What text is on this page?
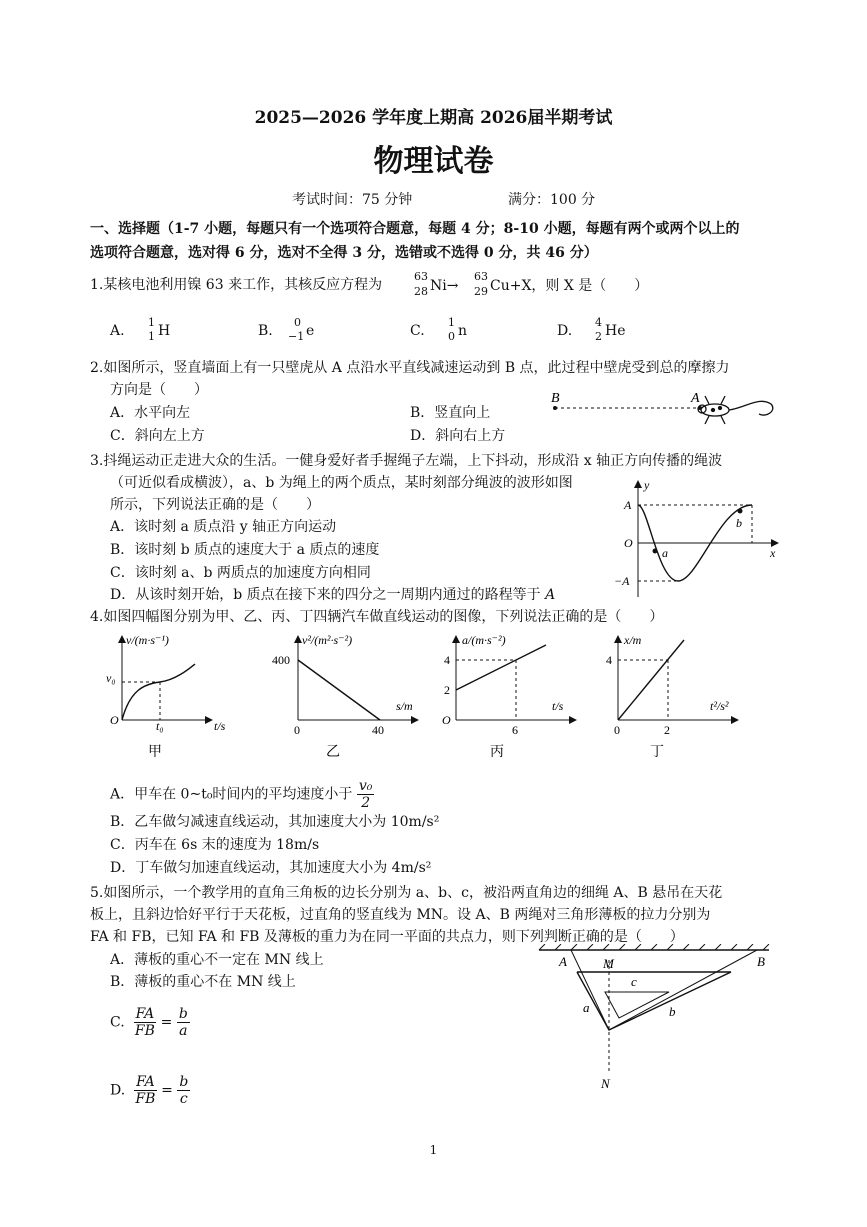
2025—2026 学年度上期高 2026届半期考试
物理试卷
考试时间：75 分钟	满分：100 分
一、选择题（1-7 小题，每题只有一个选项符合题意，每题 4 分；8-10 小题，每题有两个或两个以上的
选项符合题意，选对得 6 分，选对不全得 3 分，选错或不选得 0 分，共 46 分）
1.某核电池利用镍 63 来工作，其核反应方程为
63
28 Ni→
63
29 Cu+X，则 X 是（　　）
A.
1
1 H	B.
0
−1 e	C.
1
0 n	D.
4
2 He
2.如图所示，竖直墙面上有一只壁虎从 A 点沿水平直线减速运动到 B 点，此过程中壁虎受到总的摩擦力
方向是（　　）
A．水平向左	B．竖直向上
C．斜向左上方	D．斜向右上方
B	A
3.抖绳运动正走进大众的生活。一健身爱好者手握绳子左端，上下抖动，形成沿 x 轴正方向传播的绳波
（可近似看成横波），a、b 为绳上的两个质点，某时刻部分绳波的波形如图
所示，下列说法正确的是（　　）
A．该时刻 a 质点沿 y 轴正方向运动
B．该时刻 b 质点的速度大于 a 质点的速度
C．该时刻 a、b 两质点的加速度方向相同
D．从该时刻开始，b 质点在接下来的四分之一周期内通过的路程等于 A
y
x
A
O
−A
a
b
4.如图四幅图分别为甲、乙、丙、丁四辆汽车做直线运动的图像，下列说法正确的是（　　）
v/(m·s⁻¹)
t/s
O
v₀
t₀
甲
v²/(m²·s⁻²)
s/m
0
400
40
乙
a/(m·s⁻²)
t/s
O
4
2
6
丙
x/m
t²/s²
0
4
2
丁
A．甲车在 0~t₀时间内的平均速度小于 $\frac{\text{v₀}}{2}$
B．乙车做匀减速直线运动，其加速度大小为 10m/s²
C．丙车在 6s 末的速度为 18m/s
D．丁车做匀加速直线运动，其加速度大小为 4m/s²
5.如图所示，一个教学用的直角三角板的边长分别为 a、b、c，被沿两直角边的细绳 A、B 悬吊在天花
板上，且斜边恰好平行于天花板，过直角的竖直线为 MN。设 A、B 两绳对三角形薄板的拉力分别为
FA 和 FB，已知 FA 和 FB 及薄板的重力为在同一平面的共点力，则下列判断正确的是（　　）
A．薄板的重心不一定在 MN 线上
B．薄板的重心不在 MN 线上
C. $\frac{FA}{FB} = \frac{b}{a}$
D. $\frac{FA}{FB} = \frac{b}{c}$
A	M	B
c
a	b
N
1
